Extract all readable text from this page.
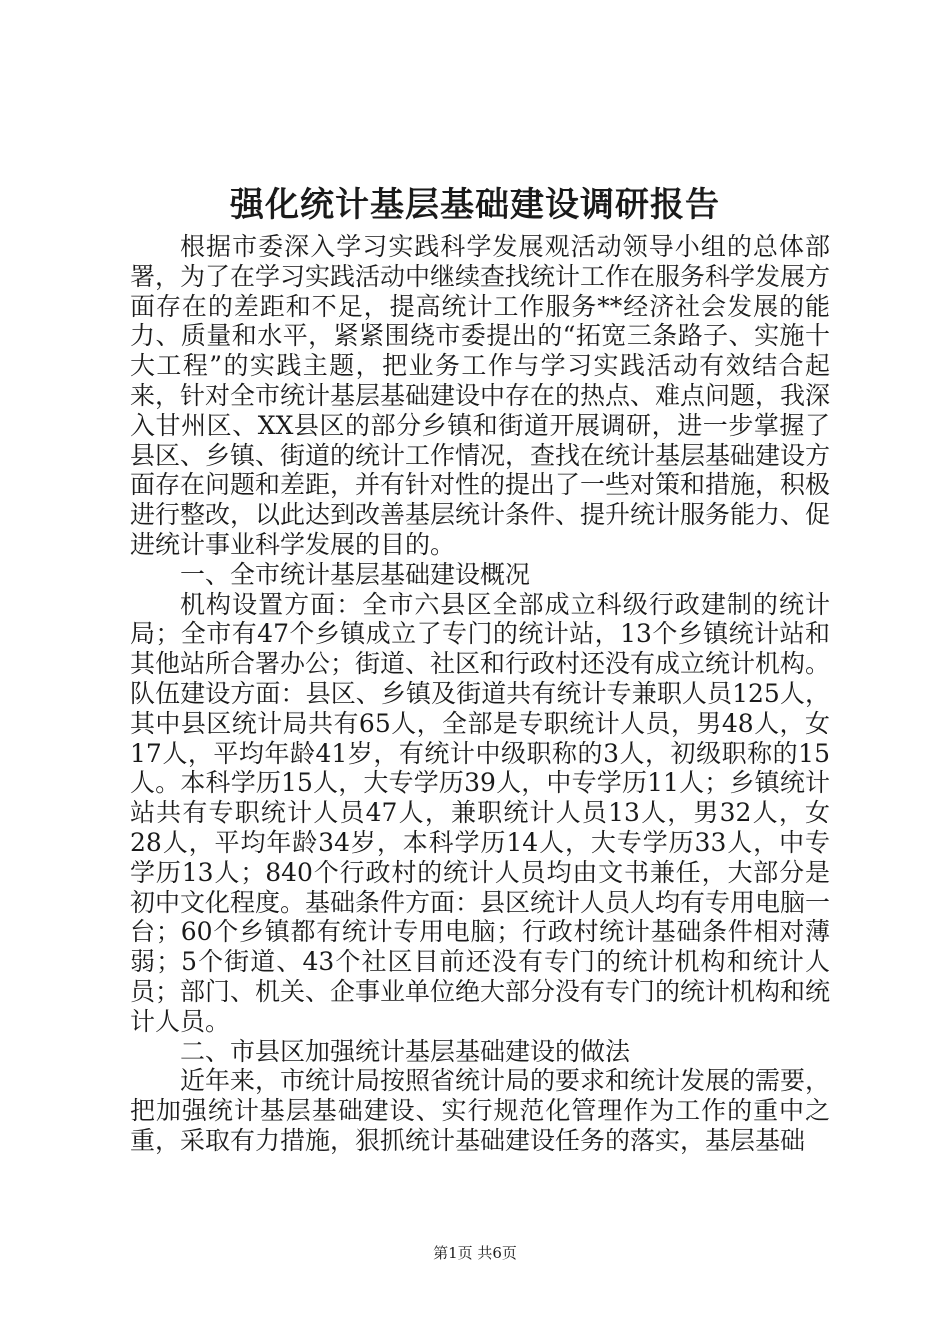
强化统计基层基础建设调研报告

根据市委深入学习实践科学发展观活动领导小组的总体部署，为了在学习实践活动中继续查找统计工作在服务科学发展方面存在的差距和不足，提高统计工作服务**经济社会发展的能力、质量和水平，紧紧围绕市委提出的“拓宽三条路子、实施十大工程”的实践主题，把业务工作与学习实践活动有效结合起来，针对全市统计基层基础建设中存在的热点、难点问题，我深入甘州区、XX县区的部分乡镇和街道开展调研，进一步掌握了县区、乡镇、街道的统计工作情况，查找在统计基层基础建设方面存在问题和差距，并有针对性的提出了一些对策和措施，积极进行整改，以此达到改善基层统计条件、提升统计服务能力、促进统计事业科学发展的目的。

一、全市统计基层基础建设概况

机构设置方面：全市六县区全部成立科级行政建制的统计局；全市有47个乡镇成立了专门的统计站，13个乡镇统计站和其他站所合署办公；街道、社区和行政村还没有成立统计机构。队伍建设方面：县区、乡镇及街道共有统计专兼职人员125人，其中县区统计局共有65人，全部是专职统计人员，男48人，女17人，平均年龄41岁，有统计中级职称的3人，初级职称的15人。本科学历15人，大专学历39人，中专学历11人；乡镇统计站共有专职统计人员47人，兼职统计人员13人，男32人，女28人，平均年龄34岁，本科学历14人，大专学历33人，中专学历13人；840个行政村的统计人员均由文书兼任，大部分是初中文化程度。基础条件方面：县区统计人员人均有专用电脑一台；60个乡镇都有统计专用电脑；行政村统计基础条件相对薄弱；5个街道、43个社区目前还没有专门的统计机构和统计人员；部门、机关、企事业单位绝大部分没有专门的统计机构和统计人员。

二、市县区加强统计基层基础建设的做法

近年来，市统计局按照省统计局的要求和统计发展的需要，把加强统计基层基础建设、实行规范化管理作为工作的重中之重，采取有力措施，狠抓统计基础建设任务的落实，基层基础

第1页 共6页
